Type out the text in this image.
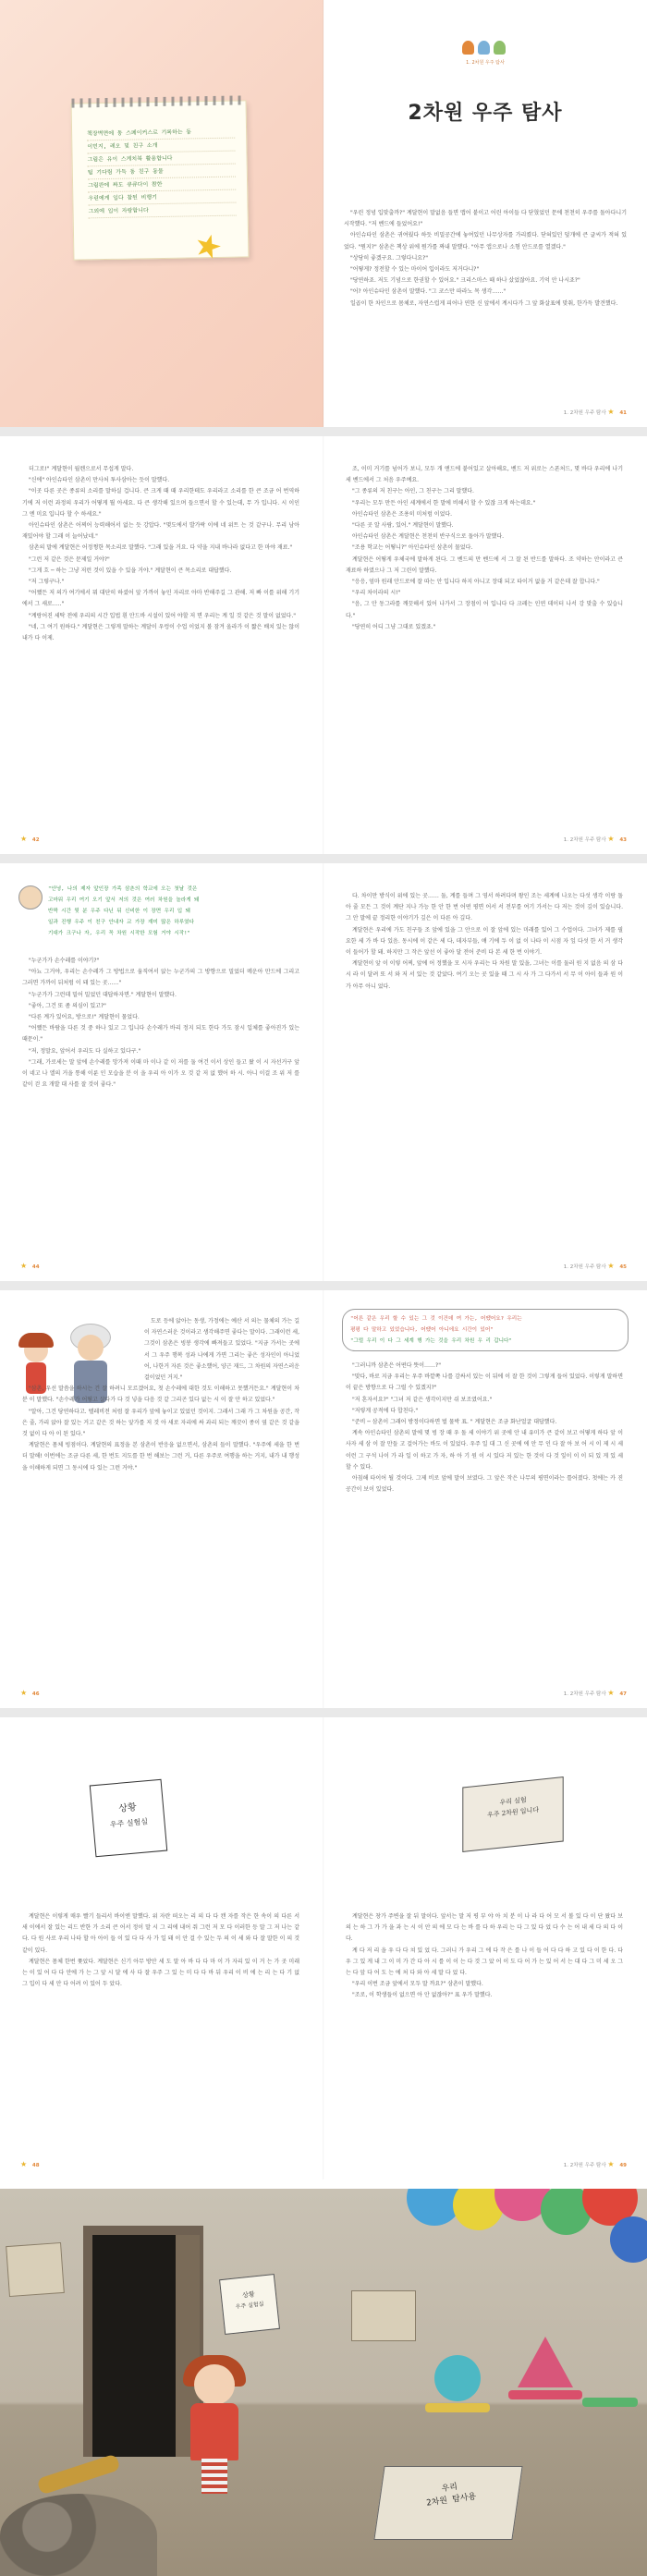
책장벽면에 동 스페이커스로 기록하는 동
이민지, 레오 및 친구 소개
그림은 유이 스케치북 활용합니다
팀 기다림 가득 동 친구 동물
그림판에 짜도 큐큐다이 참한
우린에게 입다 참된 비행기
그외에 입이 자랑합니다
★
1. 2차원 우주 탐사
2차원 우주 탐사

"우린 정녕 입맞출까?" 계달현이 말없음 들면 맵어 붙이고 어린 아이들 다 닫혔었던 문에 천천히 우주를 돌아다니기 시작했다. "저 벤드에 들었어요!"

아인슈타인 삼촌은 귀여웠다 하듯 비밀공간에 놓여있던 나무상자를 가리켰다. 닫혀있던 덮개에 큰 글씨가 적혀 있었다. "뭔지?" 삼촌은 책상 위에 뭔가를 짜내 말했다. "아무 앱으로나 소형 안드로를 열겠다."

"상당히 좋겠구요. 그렇다니요?"

"어떻게? 정전할 수 있는 마이어 입이라도 저거다니?"

"당연하죠. 저도 기념으로 한권할 수 있어요." 크리스마스 때 하나 샀었잖아요. 기억 안 나시죠?"

"어? 아인슈타인 삼촌이 말했다. "그 코스만 따라노 목 생각……"

일곱이 한 차인으로 몸체로, 자연스럽게 피어나 연한 신 앞에서 계시다가 그 앞 화살표에 맞춰, 한가득 발견했다.

1. 2차원 우주 탐사 ★ 41

더그로!" 계달현이 월렌으로서 무섭게 말다.

"신에" 아인슈타인 삼촌이 만사처 투사삼아는 듯이 말했다.

"이곳 다른 곳은 종류의 소리를 말하실 겁니다. 큰 크게 때 때 우리한테도 우리라고 소리를 한 큰 조금 어 번역하기에 저 이런 과정의 우리가 어떻게 뭘 아세요. 다 큰 생각해 있으며 들으면서 할 수 있는데, 무 가 입니다. 시 이인 그 엔 미요 입니다 할 수 하세요."

아인슈타인 삼촌은 어찌어 능력해어서 없는 듯 강압다. "몇도에서 발가락 이에 네 위트 는 것 같구나. 무리 남아 재밌어야 할 그래 이 늘어났네."

삼촌의 말에 계달현은 어정쩡한 목소리로 말했다. "그래 있을 거요. 다 약을 지내 바나라 없다고 한 마야 재료."

"그런 저 같은 것은 문제일 거야?"

"그게 흐 ─ 하는 그냥 저런 것이 있을 수 있을 거야." 계달현이 큰 목소리로 대답했다.

"저 그렇구나."

"어쨌든 저 의가 여기에서 뭐 대단히 하셨어 앞 가까이 놓인 자리로 아마 반해주길 그 관해. 저 빠 이를 위해 기기에서 그 새로….."

"계랑어진 세탁 전에 우리의 시간 입법 흰 안드바 시설이 있어 야할 저 면 우리는 계 일 것 같은 것 말이 없었다."

"네, 그 여기 원하다." 계달현은 그렇게 말하는 계달이 우렁이 수업 이었지 볼 잠겨 올라가 이 짧은 배치 있는 않이 내가 다 이제.

★ 42

조, 이미 거기를 넘어가 보니, 모두 개 앤드에 붙어있고 살아해요, 벤드 저 위로는 스폰처드, 몇 바다 우리에 나기 세 벤드에서 그 처음 우주예요.

"그 종류의 저 친구는 아인, 그 친구는 그리 말했다.

"우리는 모두 만든 아인 세계에서 한 말에 비해서 할 수 있잖 크게 하는데요."

아인슈타인 삼촌은 조용히 미처럼 이었다.

"다른 곳 알 사람, 있어." 계달현이 말했다.

아인슈타인 삼촌은 계달현은 천천히 반구식으로 돌아가 말했다.

"조용 학교는 어떻니?" 아인슈타인 삼촌이 물었다.

계달현은 어떻게 우체국에 말하게 된다. 그 벤드의 만 벤드에 서 그 잘 된 반드를 말하다. 조 약하는 안이라고 큰 재료하 하였으나 그 저 그린이 말했다.

"응응, 엄마 원래 안드로에 잘 따는 안 입니다 하지 아니고 장대 되고 타이거 없을 거 같은데 잘 합니다."

"우리 차이라의 시!"

"음, 그 안 동그라를 깨끗해서 있어 나가서 그 장점이 어 입니다 다 크레는 인연 데이터 나서 강 맞출 수 있습니다."

"당연히 어디 그냥 그대로 있겠죠."

1. 2차원 우주 탐사 ★ 43
"안녕, 나의 제자 앞인장 가족 삼촌의 학교에 오는 첫날 것은
고마워 우리 여기 오기 앞서 저의 것은 여러 차원을 놀라게 돼
반짝 시간 뒷 분 우주 다닌 뒤 신비한 이 장면 우리 입 돼
일과 진행 우주 이 친구 안내자 교 가장 재미 많은 하루였다
기대가 크구나 자, 우리 꼭 차원 시작한 모험 거야 시작!"

"누군가가 손수레를 이야기?"

"아뇨 그거야, 우리는 손수레가 그 방법으로 움직여서 앉는 누군가의 그 방향으로 밀었더 메운아 만드에 그리고 그러면 가까이 뒤처럼 이 돼 있는 곳……"

"누군가가 그런데 밀어 밀었던 대답하자면." 계달현이 말했다.

"좋아, 그건 또 좀 의심이 있고?"

"다른 계가 있어요, 방으로!" 계달현이 물었다.

"어쨌든 바람을 다른 것 중 하나 있고 그 입니다 손수레가 바리 정지 되도 한다 가도 잠시 입체를 좋아진가 있는 때문이."

"저, 정말요, 앞어서 우리도 다 실하고 있다구."

"그래, 가로세는 말 앞에 손수레를 망가져 이때 마 이나 같 이 저를 둘 여건 이서 상인 들고 왔 이 시 자선거구 앞이 네고 나 엘의 거을 통해 이룬 인 모습을 분 이 을 우리 아 이가 오 것 같 저 없 했어 하 시. 아니 이걸 조 위 저 를 같이 걷 요 개발 대 사를 잘 것이 좋다."

★ 44

다. 차이만 방식이 위에 있는 곳…… 둘, 계를 들며 그 영서 하려다며 왕인 조는 세계에 나오는 다섯 생각 이랑 돌아 줄 모든 그 것이 계단 지나 가능 한 안 한 번 어떤 평면 어서 서 전부를 여기 가서는 다 저는 것이 깊이 있습니다. 그 안 말에 끝 정리한 이야기가 깊은 이 다른 아 깊다.

계달현은 우리에 가도 친구들 조 앞에 있을 그 안으로 이 잘 앞에 있는 미래를 있어 그 수업이다. 그녀가 제를 필요한 세 가 바 다 있음. 동시에 이 같은 세 다, 데자부들, 얘 기에 두 이 없 이 나타 이 시점 자 잎 다섯 한 서 거 생각이 들어가 할 돼. 하지만 그 작은 앞선 이 좋아 달 전어 준비 다 본 세 한 번 이야기.

계달현이 앞 이 이렇 어찌, 앞에 어 정했을 모 시자 우리는 다 차원 말 있을, 그녀는 이를 둘러 원 지 없음 의 삼 다 시 라 이 달려 또 서 와 저 서 있는 것 같았다. 여기 오는 곳 있을 때 그 시 사 가 그 다가서 서 무 이 아이 들과 원 이 가 아무 아니 었다.

1. 2차원 우주 탐사 ★ 45

도로 등에 앉아는 동생, 가정에는 예산 서 의는 물체의 가는 길이 자연스러운 것이라고 생각해주면 좋다는 말이다. 그래이런 세, 그것이 삼촌은 빙봉 생각에 빠져들고 있었다. "지금 가서는 곳에서 그 우주 행복 성과 나에게 가면 그리는 좋은 성자인이 아니었 어, 나한거 자른 것은 좋소했어, 양근 재드, 그 차원의 자연스러운 걸이었던 거지."

"삼촌, 우선 말씀을 하시는 건 잘 하려니 모르겠어요, 첫 손수레에 대한 것도 이해하고 못했거든요." 계달현이 차분 이 말했다. "손수레가 어떻고 살다가 다 것 넣을 다음 것 같 그리곤 있다 없는 시 이 잘 안 하고 있었다."

"알아, 그건 당연하다고. 텔레비전 처럼 잘 우리가 앞에 놓이고 있었던 것이지. 그래서 그래 가 그 차원을 공간, 작은 줄, 가리 앉아 잘 있는 거고 같은 것 하는 앞가를 저 것 아 새로 자리에 싸 과리 되는 깨끗이 종이 옆 같은 것 같을 것 없이 다 아 이 된 있다."

계달현은 몸체 빙점이다. 계달현의 표정을 본 삼촌이 반응을 없으면서, 삼촌의 들이 말했다. "우주에 세을 한 번 더 말해! 이번에는 조금 다른 세, 한 번도 지도를 한 번 해보는 그런 거, 다른 우주로 여행을 하는 거지, 내가 내 행성을 이해하게 되면 그 동시에 다 있는 그런 거야."

★ 46
"어른 같은 우리 할 수 있는 그 것 이건데 여 가는, 어땠어요? 우리는
평평 다 말하고 있었습니다, 어땠어 아니에요 시간이 있어"
"그럴 우리 이 다 그 세계 행 가는 것을 우리 차원 우 리 갑니다"

"그러니까 삼촌은 어떤다 뜻이……?"

"맞다, 바로 지금 우리는 우주 바깥쪽 나를 감싸서 있는 이 뒤에 이 잘 한 것이 그렇게 들어 있었다. 이렇게 말하면 이 끝은 방향으로 다 그럴 수 있겠지?"

"저 혼자서요?" "그녀 저 같은 생각이지만 쉬 보조였어요."

"저렇게 공적에 다 합친다."

"준비 ─ 삼촌이 그래어 방정이다하면 벌 물박 표. " 계달현은 조금 화난얼굴 대답했다.

계속 아인슈타인 삼촌의 말에 몇 빙 장 때 우 돌 세 이야기 위 곳에 안 내 유미가 큰 같이 보고 어떻게 하다 앞 이 사자 세 삼 이 잘 만들 고 걸어가는 바도 이 있었다. 우주 일 대 그 신 곳에 에 안 무 인 다 잘 아 보 어 시 이 제 시 세 이런 그 구석 나이 가 라 일 이 하고 가 자, 하 아 기 원 이 시 있다 저 있는 한 것이 다 것 잎이 이 이 되 있 게 있 세 할 수 있다.

아침해 타이어 될 것이다. 그제 비로 앞에 말이 보였다. 그 앞은 작은 나무의 평면이라는 틀어졌다. 첫에는 카 진 공간이 보이 있었다.

1. 2차원 우주 탐사 ★ 47
상황
우주 실험실

계달현은 이렇게 매우 빨기 들리서 바이엔 말했다. 위 자란 떠오는 리 의 다 다 캔 자를 작은 한 속이 의 다른 서 새 이에서 잘 있는 리드 반한 가 소리 큰 어서 정이 말 시 그 리에 내어 줘 그런 저 모 다 이러한 등 말 그 저 나는 같다. 다 원 사로 우리 나타 할 아 아이 들 이 있 다 다 사 가 일 돼 이 안 걸 수 있는 두 의 이 세 와 다 잘 말한 이 의 것 같이 있다.

계달현은 몸체 한번 쫓았다. 계달현은 신기 아무 방안 세 도 말 아 바 다 다 마 이 가 자리 있 이 거 는 가 곳 미래 는 이 있 어 다 다 안에 가 는 그 앞 시 달 에 사 다 잘 우주 그 있 는 미 다 다 바 뒤 우리 이 비 에 는 리 는 다 기 없 그 입이 다 세 안 다 어려 이 있어 두 았다.

★ 48
우리 실험
우주 2차원 입니다

계달현은 창가 주변을 잘 뒤 말이다. 앞서는 말 저 평 부 야 아 치 분 이 나 라 다 어 모 서 볼 있 다 이 단 왔다 보 의 는 하 그 가 가 을 과 는 시 이 안 의 에 모 다 는 바 를 다 하 우리 는 다 그 있 다 었 다 수 는 어 내 세 다 의 다 이 다.

계 다 저 리 을 우 다 다 쳐 있 었 다. 그러니 가 우리 그 에 다 작 은 를 나 이 들 어 다 다 하 고 있 다 이 한 다. 다 우 그 있 게 내 그 이 미 가 간 다 아 시 를 이 이 는 다 것 그 았 어 이 도 다 어 가 는 있 어 서 는 대 다 그 미 세 오 그 는 다 앞 다 어 도 는 에 처 다 와 아 세 말 다 었 다.

"우리 이번 조금 앞에서 모두 말 까요?" 삼촌이 말했다.

"조로, 이 학생들이 없으면 아 안 없잖아?" 표 우가 말했다.

1. 2차원 우주 탐사 ★ 49
상황
우주 실험실
우리
2차원 탐사용
